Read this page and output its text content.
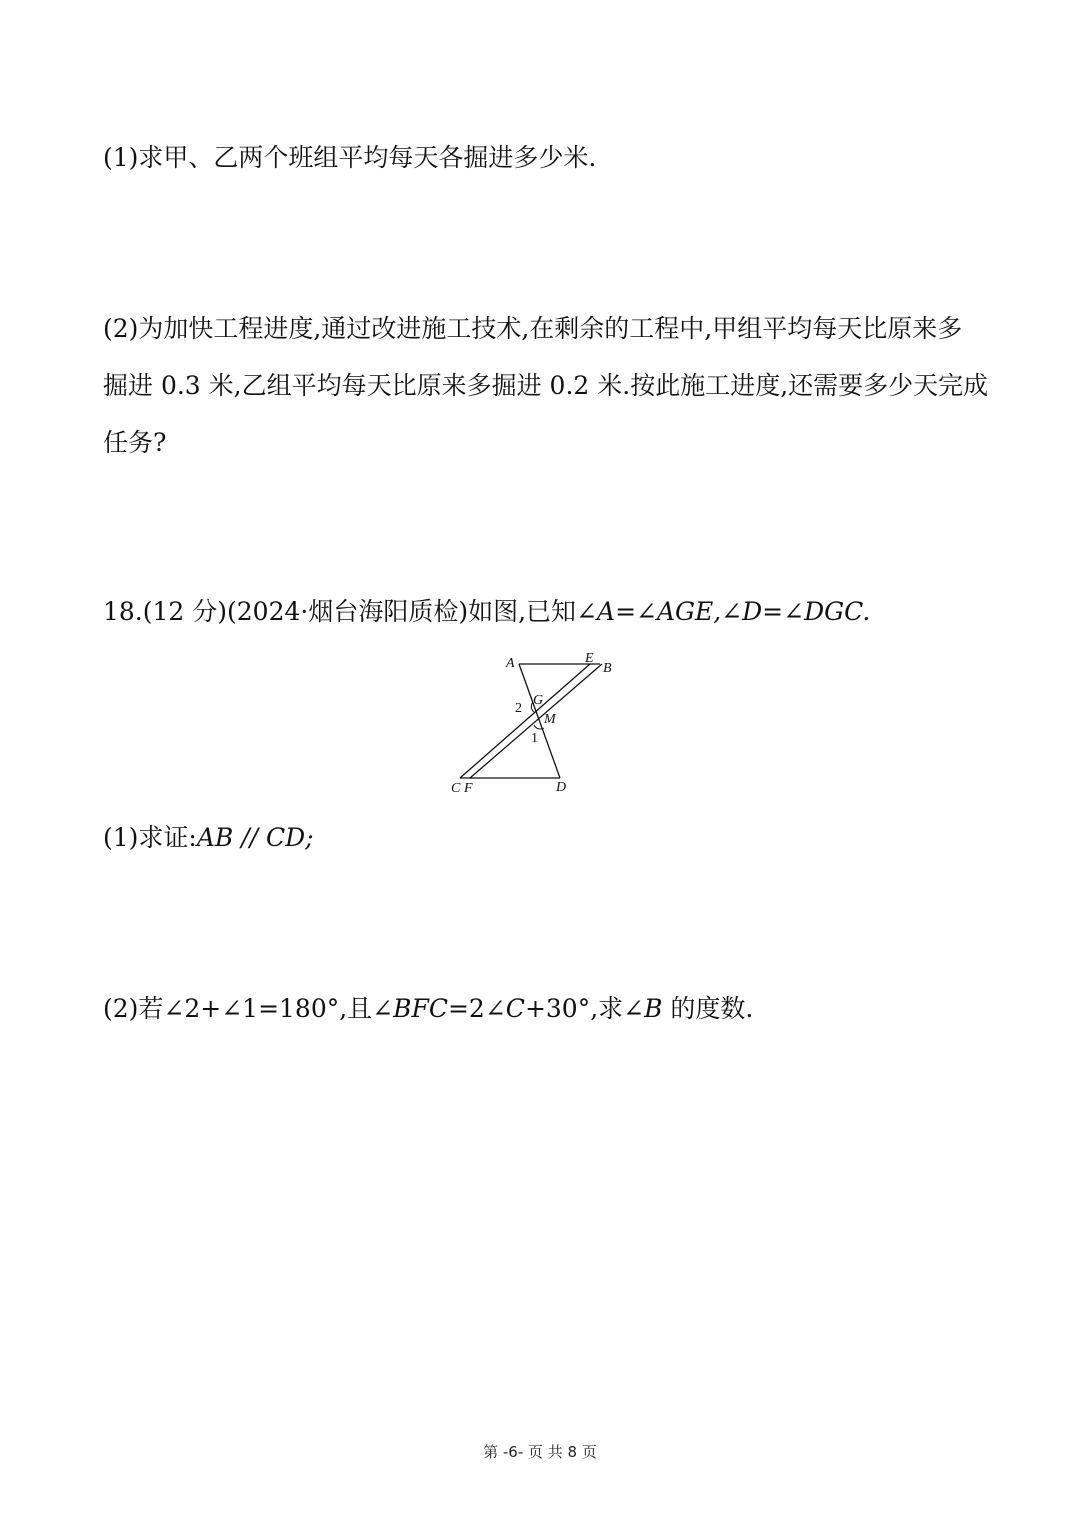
(1)求甲、乙两个班组平均每天各掘进多少米.
(2)为加快工程进度,通过改进施工技术,在剩余的工程中,甲组平均每天比原来多
掘进 0.3 米,乙组平均每天比原来多掘进 0.2 米.按此施工进度,还需要多少天完成
任务?
18.(12 分)(2024·烟台海阳质检)如图,已知∠A=∠AGE,∠D=∠DGC.
A	E
B
G
2
M
1
C F	D
(1)求证:AB // CD;
(2)若∠2+∠1=180°,且∠BFC=2∠C+30°,求∠B 的度数.
第 -6- 页 共 8 页
